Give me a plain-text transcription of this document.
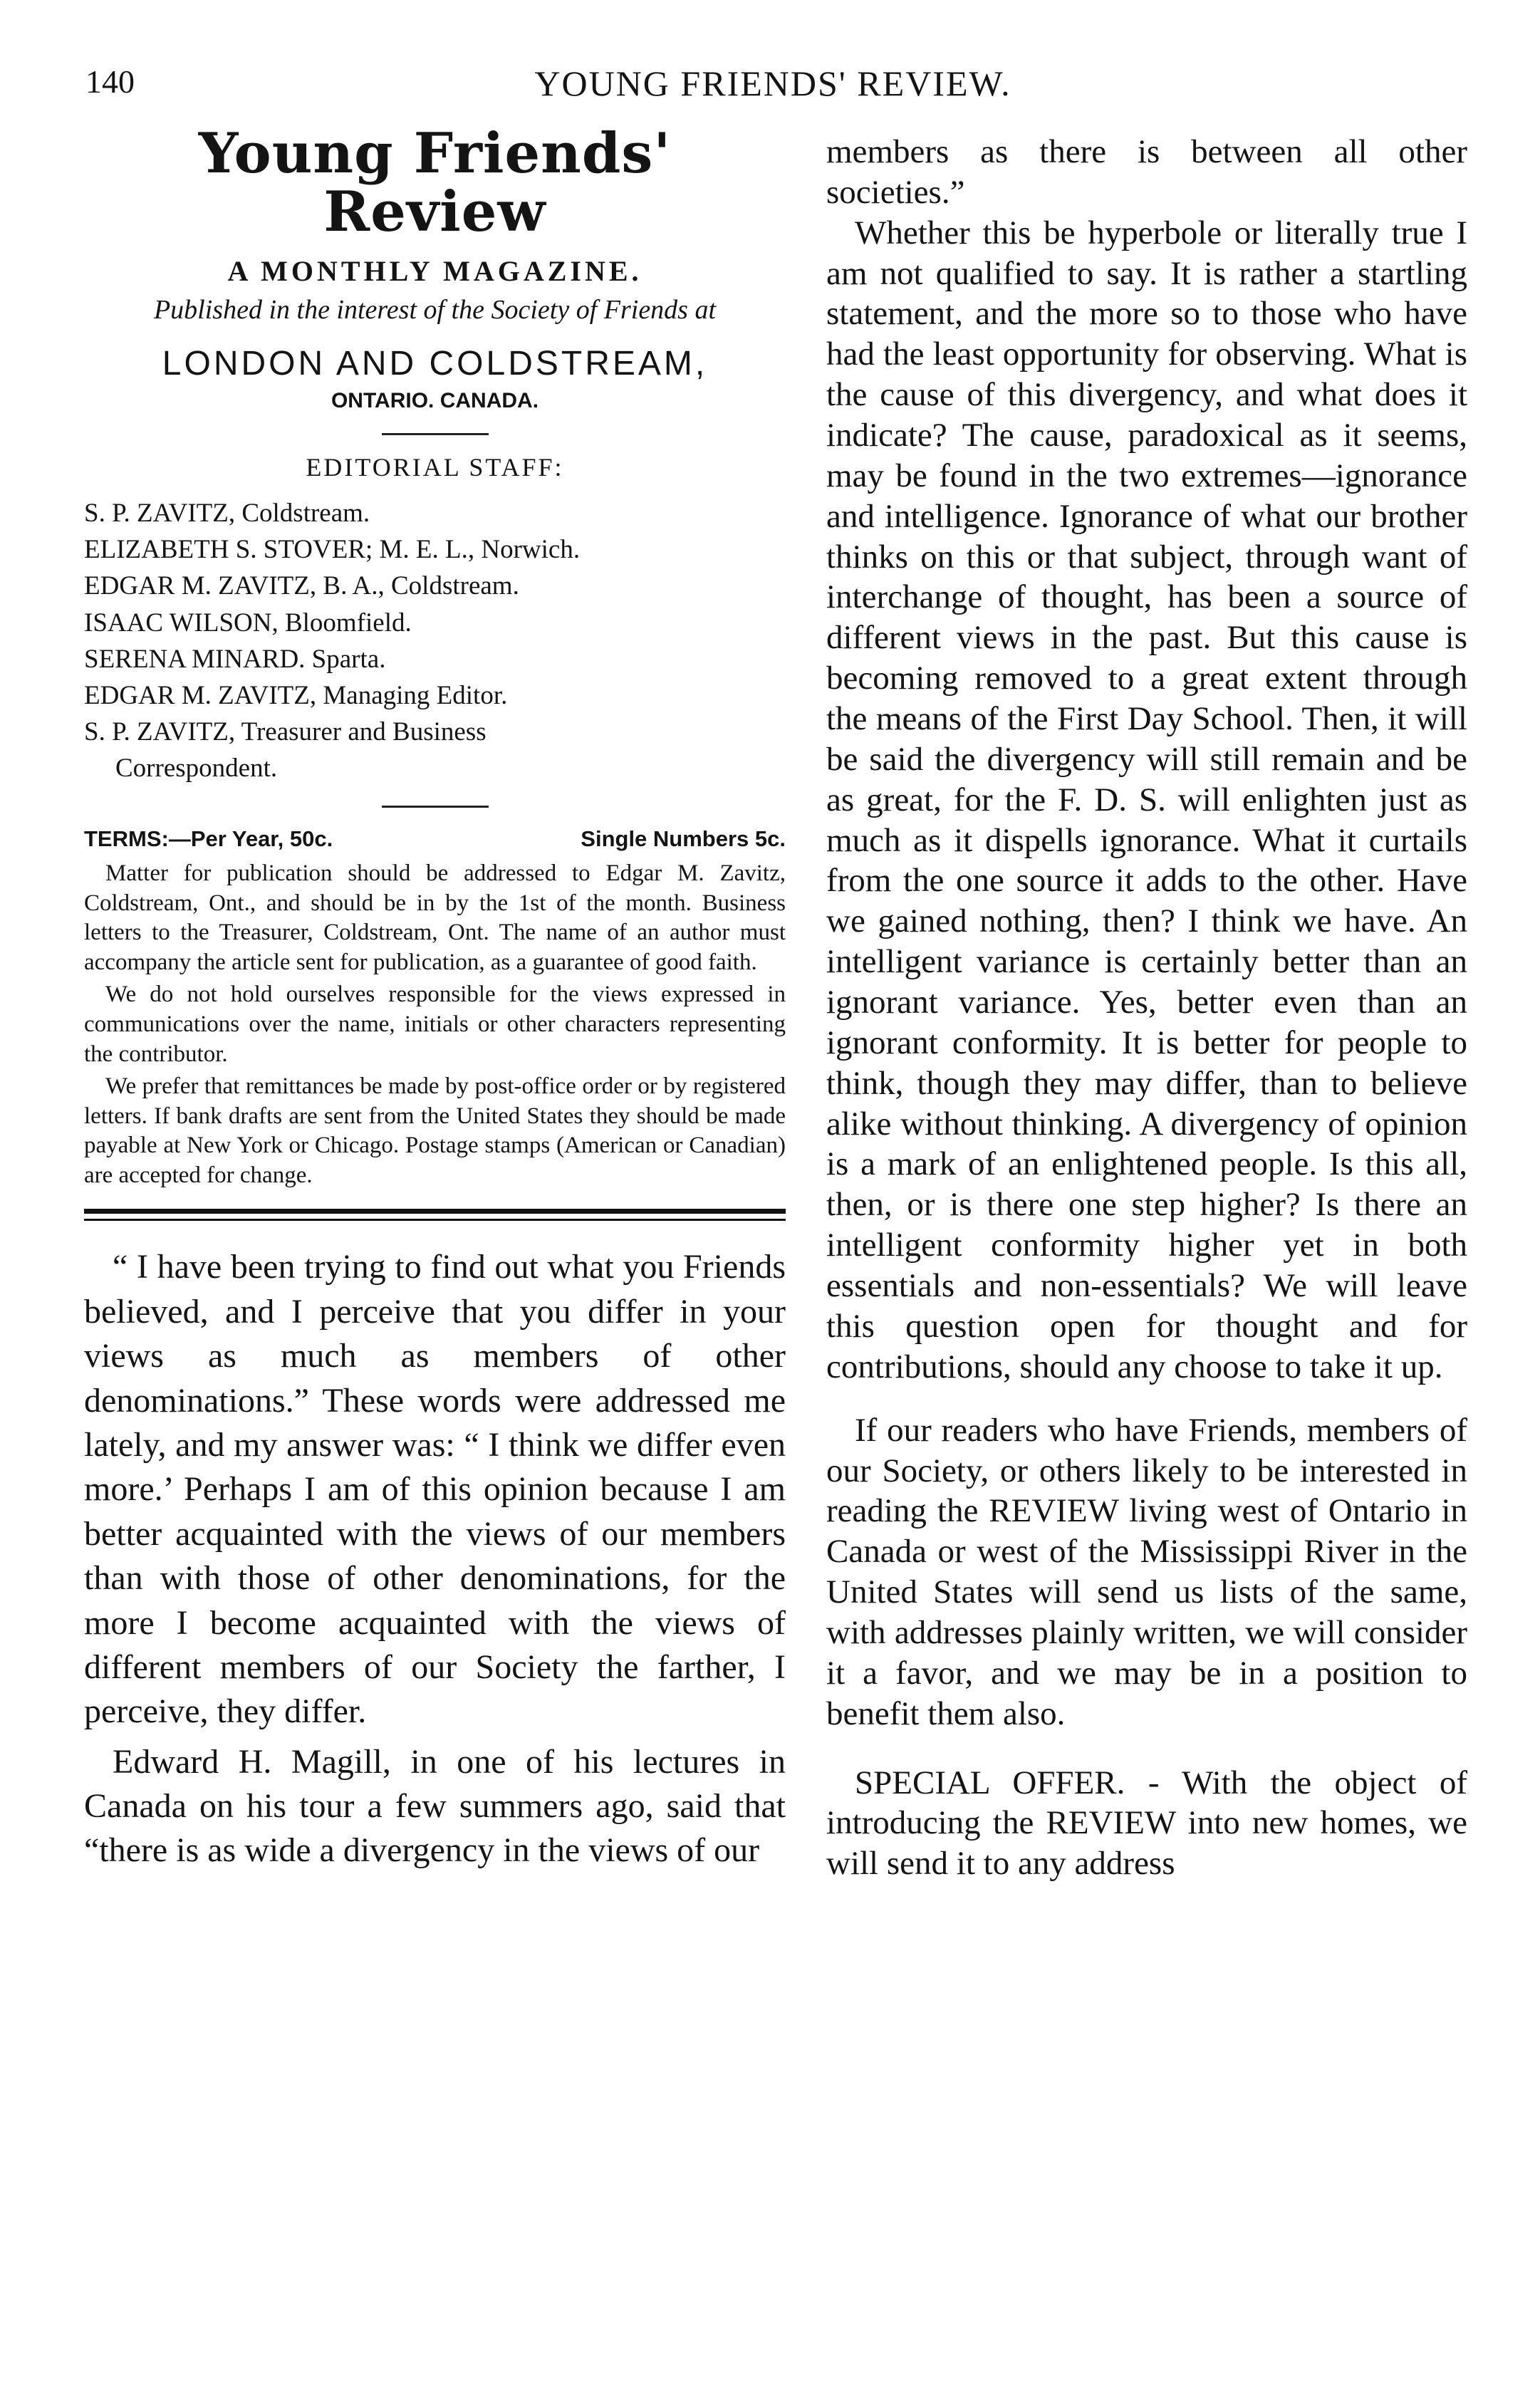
140	YOUNG FRIENDS' REVIEW.
Young Friends' Review
A MONTHLY MAGAZINE.
Published in the interest of the Society of Friends at
LONDON AND COLDSTREAM,
ONTARIO. CANADA.
EDITORIAL STAFF:
S. P. ZAVITZ, Coldstream.
ELIZABETH S. STOVER; M. E. L., Norwich.
EDGAR M. ZAVITZ, B. A., Coldstream.
ISAAC WILSON, Bloomfield.
SERENA MINARD. Sparta.
EDGAR M. ZAVITZ, Managing Editor.
S. P. ZAVITZ, Treasurer and Business
Correspondent.
TERMS:—Per Year, 50c.	Single Numbers 5c.

Matter for publication should be addressed to Edgar M. Zavitz, Coldstream, Ont., and should be in by the 1st of the month. Business letters to the Treasurer, Coldstream, Ont. The name of an author must accompany the article sent for publication, as a guarantee of good faith.

We do not hold ourselves responsible for the views expressed in communications over the name, initials or other characters representing the contributor.

We prefer that remittances be made by post-office order or by registered letters. If bank drafts are sent from the United States they should be made payable at New York or Chicago. Postage stamps (American or Canadian) are accepted for change.

“ I have been trying to find out what you Friends believed, and I perceive that you differ in your views as much as members of other denominations.” These words were addressed me lately, and my answer was: “ I think we differ even more.’ Perhaps I am of this opinion because I am better acquainted with the views of our members than with those of other denominations, for the more I become acquainted with the views of different members of our Society the farther, I perceive, they differ.

Edward H. Magill, in one of his lectures in Canada on his tour a few summers ago, said that “there is as wide a divergency in the views of our

members as there is between all other societies.”

Whether this be hyperbole or literally true I am not qualified to say. It is rather a startling statement, and the more so to those who have had the least opportunity for observing. What is the cause of this divergency, and what does it indicate? The cause, paradoxical as it seems, may be found in the two extremes—ignorance and intelligence. Ignorance of what our brother thinks on this or that subject, through want of interchange of thought, has been a source of different views in the past. But this cause is becoming removed to a great extent through the means of the First Day School. Then, it will be said the divergency will still remain and be as great, for the F. D. S. will enlighten just as much as it dispells ignorance. What it curtails from the one source it adds to the other. Have we gained nothing, then? I think we have. An intelligent variance is certainly better than an ignorant variance. Yes, better even than an ignorant conformity. It is better for people to think, though they may differ, than to believe alike without thinking. A divergency of opinion is a mark of an enlightened people. Is this all, then, or is there one step higher? Is there an intelligent conformity higher yet in both essentials and non-essentials? We will leave this question open for thought and for contributions, should any choose to take it up.

If our readers who have Friends, members of our Society, or others likely to be interested in reading the REVIEW living west of Ontario in Canada or west of the Mississippi River in the United States will send us lists of the same, with addresses plainly written, we will consider it a favor, and we may be in a position to benefit them also.

SPECIAL OFFER. - With the object of introducing the REVIEW into new homes, we will send it to any address
